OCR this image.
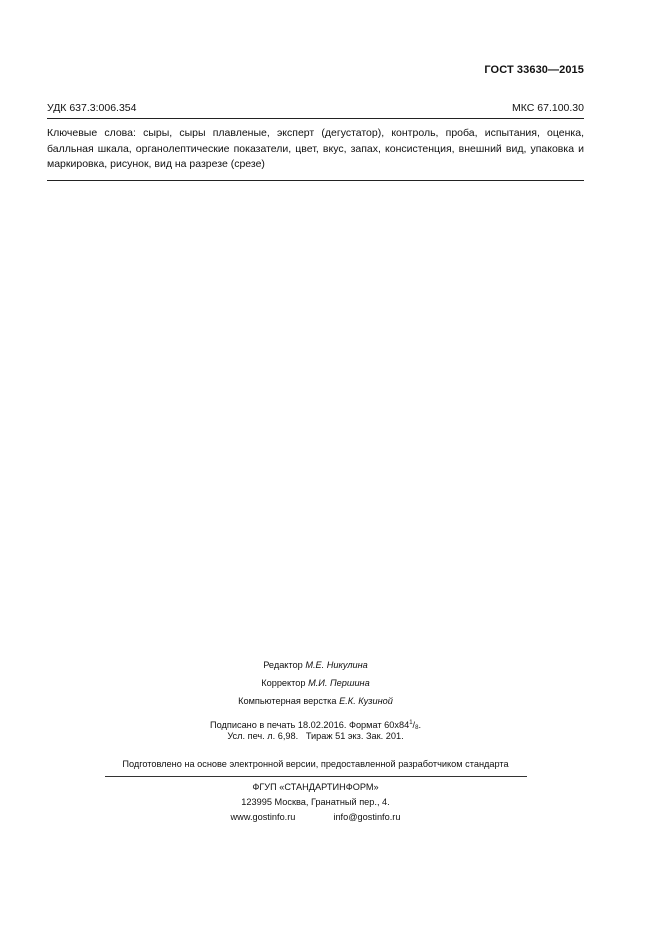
ГОСТ 33630—2015
УДК 637.3:006.354	МКС 67.100.30
Ключевые слова: сыры, сыры плавленые, эксперт (дегустатор), контроль, проба, испытания, оценка, балльная шкала, органолептические показатели, цвет, вкус, запах, консистенция, внешний вид, упаковка и маркировка, рисунок, вид на разрезе (срезе)
Редактор М.Е. Никулина
Корректор М.И. Першина
Компьютерная верстка Е.К. Кузиной
Подписано в печать 18.02.2016. Формат $60x84^1/8$.
Усл. печ. л. 6,98. Тираж 51 экз. Зак. 201.
Подготовлено на основе электронной версии, предоставленной разработчиком стандарта
ФГУП «СТАНДАРТИНФОРМ»
123995 Москва, Гранатный пер., 4.
www.gostinfo.ru	info@gostinfo.ru
